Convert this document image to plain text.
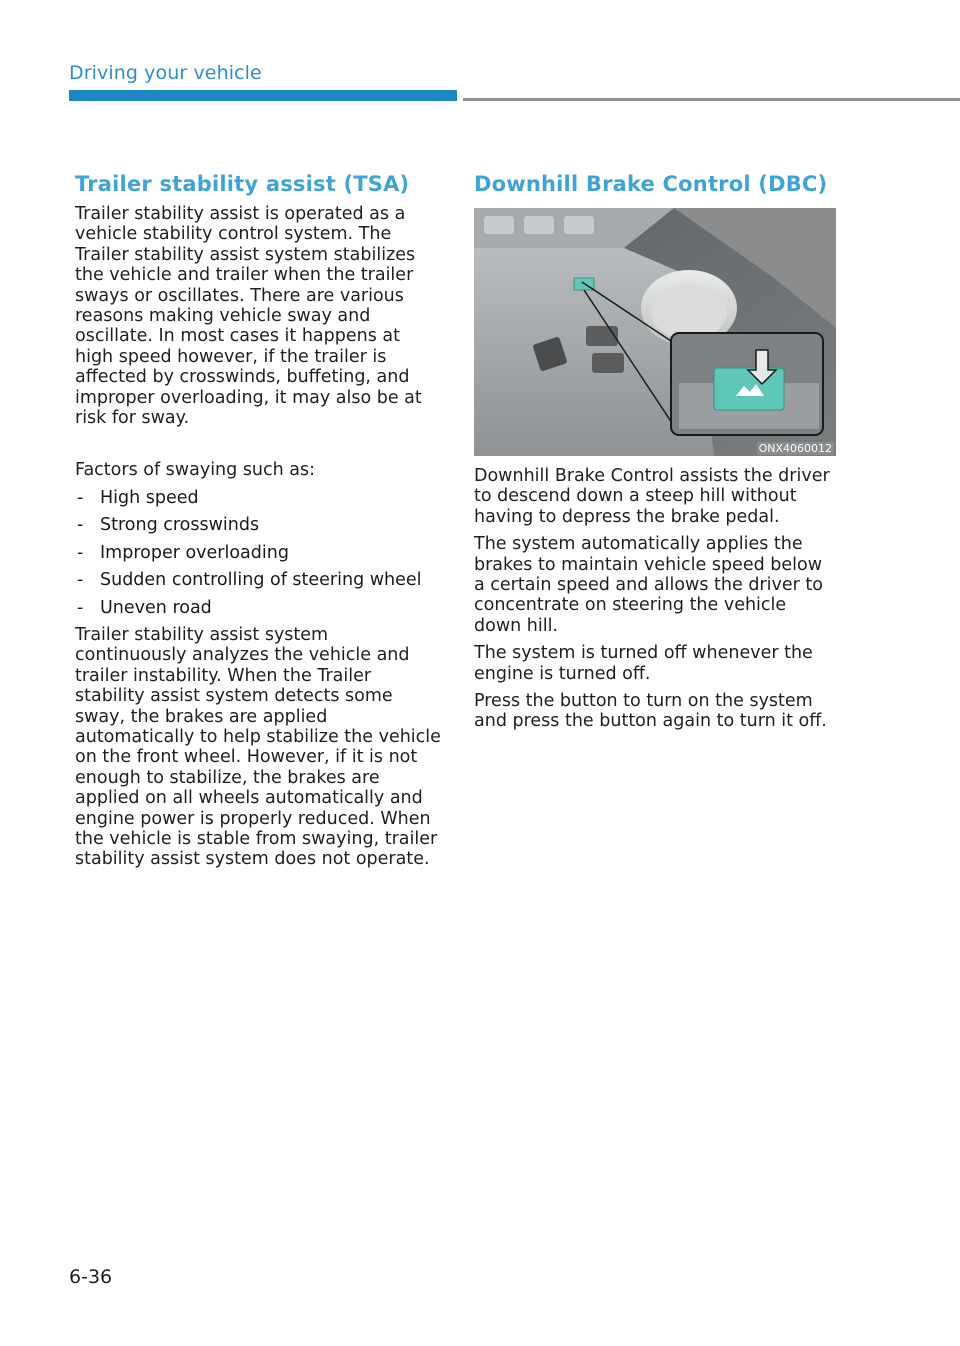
Driving your vehicle
Trailer stability assist (TSA)

Trailer stability assist is operated as a vehicle stability control system. The Trailer stability assist system stabilizes the vehicle and trailer when the trailer sways or oscillates. There are various reasons making vehicle sway and oscillate. In most cases it happens at high speed however, if the trailer is affected by crosswinds, buffeting, and improper overloading, it may also be at risk for sway.

Factors of swaying such as:

- High speed
- Strong crosswinds
- Improper overloading
- Sudden controlling of steering wheel
- Uneven road

Trailer stability assist system continuously analyzes the vehicle and trailer instability. When the Trailer stability assist system detects some sway, the brakes are applied automatically to help stabilize the vehicle on the front wheel. However, if it is not enough to stabilize, the brakes are applied on all wheels automatically and engine power is properly reduced. When the vehicle is stable from swaying, trailer stability assist system does not operate.

Downhill Brake Control (DBC)
ONX4060012

Downhill Brake Control assists the driver to descend down a steep hill without having to depress the brake pedal.

The system automatically applies the brakes to maintain vehicle speed below a certain speed and allows the driver to concentrate on steering the vehicle down hill.

The system is turned off whenever the engine is turned off.

Press the button to turn on the system and press the button again to turn it off.

6-36
